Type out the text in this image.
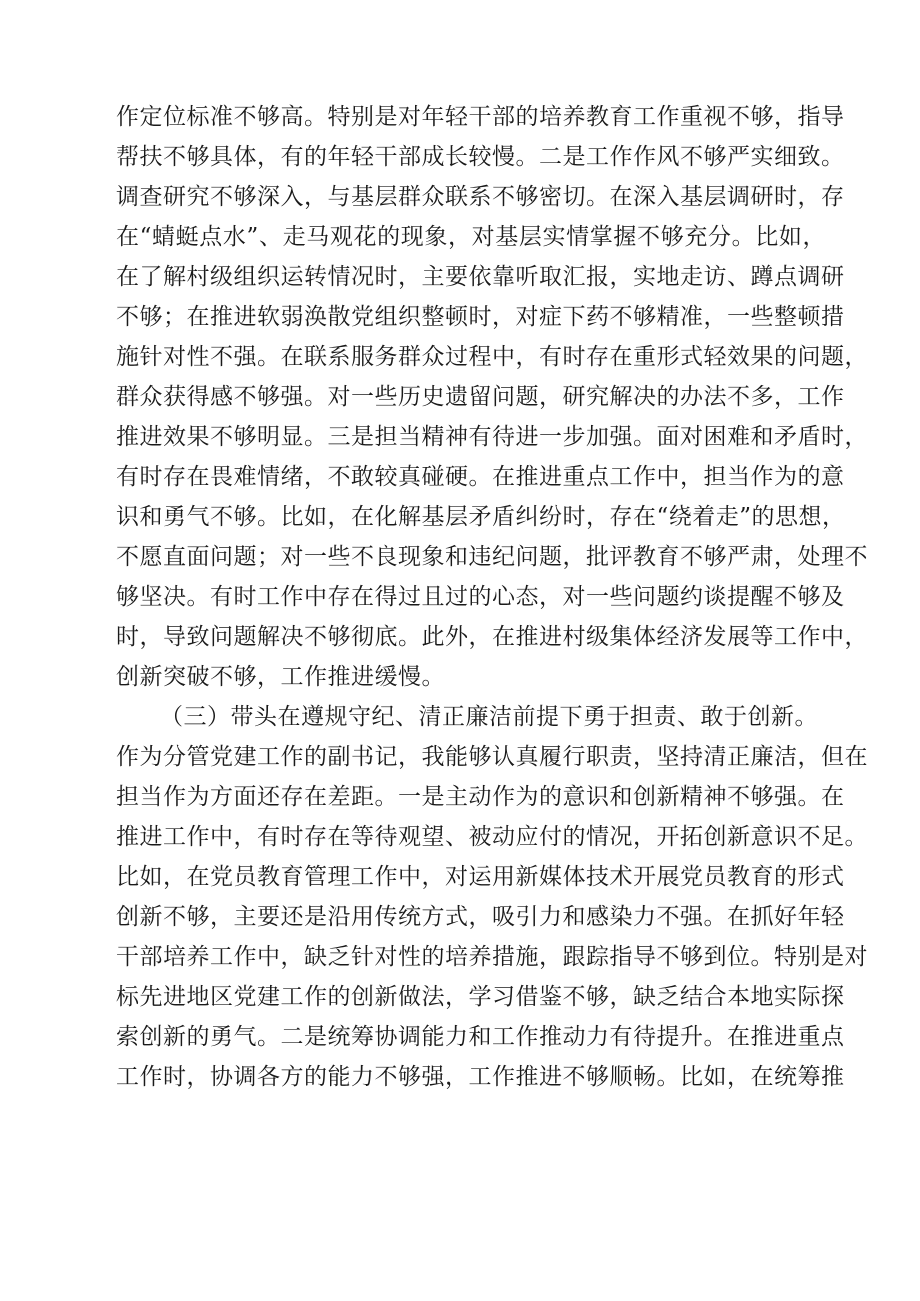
作定位标准不够高。特别是对年轻干部的培养教育工作重视不够，指导
帮扶不够具体，有的年轻干部成长较慢。二是工作作风不够严实细致。
调查研究不够深入，与基层群众联系不够密切。在深入基层调研时，存
在“蜻蜓点水”、走马观花的现象，对基层实情掌握不够充分。比如，
在了解村级组织运转情况时，主要依靠听取汇报，实地走访、蹲点调研
不够；在推进软弱涣散党组织整顿时，对症下药不够精准，一些整顿措
施针对性不强。在联系服务群众过程中，有时存在重形式轻效果的问题，
群众获得感不够强。对一些历史遗留问题，研究解决的办法不多，工作
推进效果不够明显。三是担当精神有待进一步加强。面对困难和矛盾时，
有时存在畏难情绪，不敢较真碰硬。在推进重点工作中，担当作为的意
识和勇气不够。比如，在化解基层矛盾纠纷时，存在“绕着走”的思想，
不愿直面问题；对一些不良现象和违纪问题，批评教育不够严肃，处理不
够坚决。有时工作中存在得过且过的心态，对一些问题约谈提醒不够及
时，导致问题解决不够彻底。此外，在推进村级集体经济发展等工作中，
创新突破不够，工作推进缓慢。
（三）带头在遵规守纪、清正廉洁前提下勇于担责、敢于创新。
作为分管党建工作的副书记，我能够认真履行职责，坚持清正廉洁，但在
担当作为方面还存在差距。一是主动作为的意识和创新精神不够强。在
推进工作中，有时存在等待观望、被动应付的情况，开拓创新意识不足。
比如，在党员教育管理工作中，对运用新媒体技术开展党员教育的形式
创新不够，主要还是沿用传统方式，吸引力和感染力不强。在抓好年轻
干部培养工作中，缺乏针对性的培养措施，跟踪指导不够到位。特别是对
标先进地区党建工作的创新做法，学习借鉴不够，缺乏结合本地实际探
索创新的勇气。二是统筹协调能力和工作推动力有待提升。在推进重点
工作时，协调各方的能力不够强，工作推进不够顺畅。比如，在统筹推
